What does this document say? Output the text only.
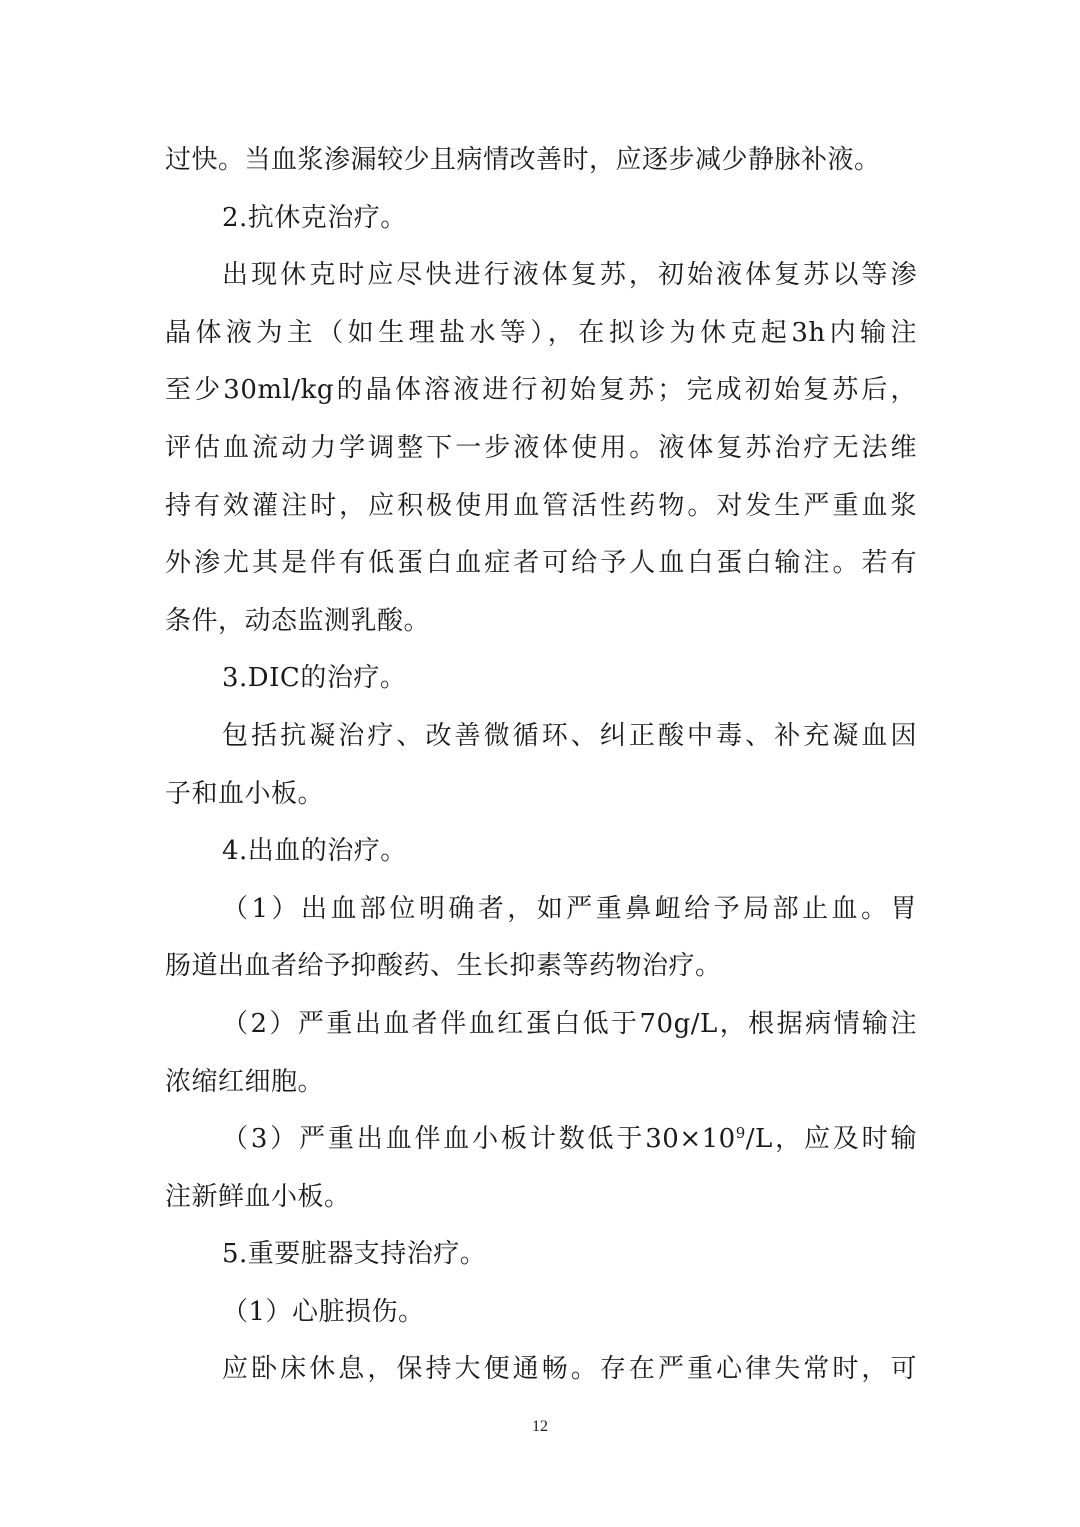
过快。当血浆渗漏较少且病情改善时，应逐步减少静脉补液。
2.抗休克治疗。
出现休克时应尽快进行液体复苏，初始液体复苏以等渗
晶体液为主（如生理盐水等），在拟诊为休克起3h内输注
至少30ml/kg的晶体溶液进行初始复苏；完成初始复苏后，
评估血流动力学调整下一步液体使用。液体复苏治疗无法维
持有效灌注时，应积极使用血管活性药物。对发生严重血浆
外渗尤其是伴有低蛋白血症者可给予人血白蛋白输注。若有
条件，动态监测乳酸。
3.DIC的治疗。
包括抗凝治疗、改善微循环、纠正酸中毒、补充凝血因
子和血小板。
4.出血的治疗。
（1）出血部位明确者，如严重鼻衄给予局部止血。胃
肠道出血者给予抑酸药、生长抑素等药物治疗。
（2）严重出血者伴血红蛋白低于70g/L，根据病情输注
浓缩红细胞。
（3）严重出血伴血小板计数低于$30\times 10^9/L$，应及时输
注新鲜血小板。
5.重要脏器支持治疗。
（1）心脏损伤。
应卧床休息，保持大便通畅。存在严重心律失常时，可
12
